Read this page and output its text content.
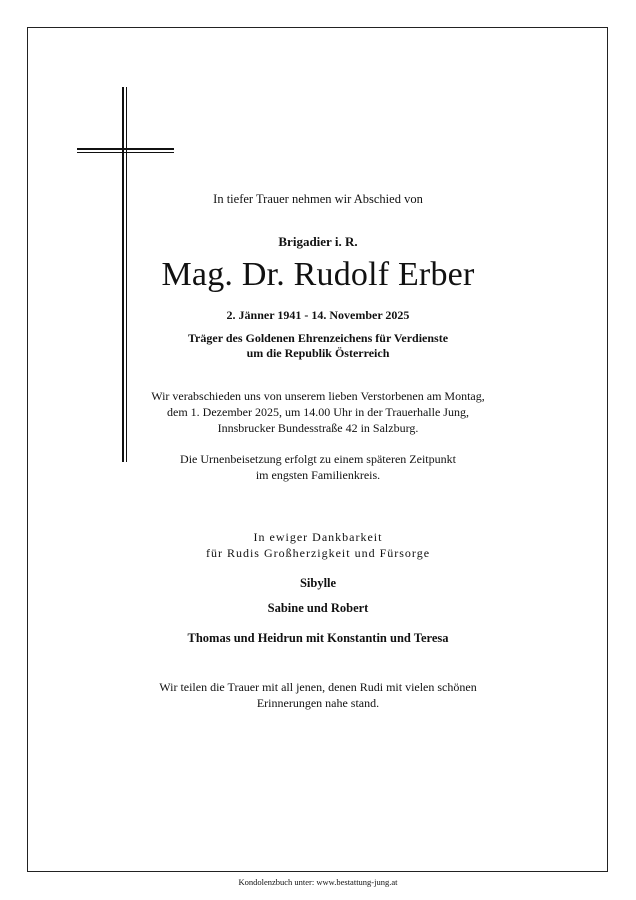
In tiefer Trauer nehmen wir Abschied von

Brigadier i. R.

Mag. Dr. Rudolf Erber

2. Jänner 1941 - 14. November 2025

Träger des Goldenen Ehrenzeichens für Verdienste
um die Republik Österreich
Wir verabschieden uns von unserem lieben Verstorbenen am Montag,
dem 1. Dezember 2025, um 14.00 Uhr in der Trauerhalle Jung,
Innsbrucker Bundesstraße 42 in Salzburg.
Die Urnenbeisetzung erfolgt zu einem späteren Zeitpunkt
im engsten Familienkreis.
In ewiger Dankbarkeit
für Rudis Großherzigkeit und Fürsorge

Sibylle

Sabine und Robert

Thomas und Heidrun mit Konstantin und Teresa

Wir teilen die Trauer mit all jenen, denen Rudi mit vielen schönen
Erinnerungen nahe stand.

Kondolenzbuch unter: www.bestattung-jung.at
